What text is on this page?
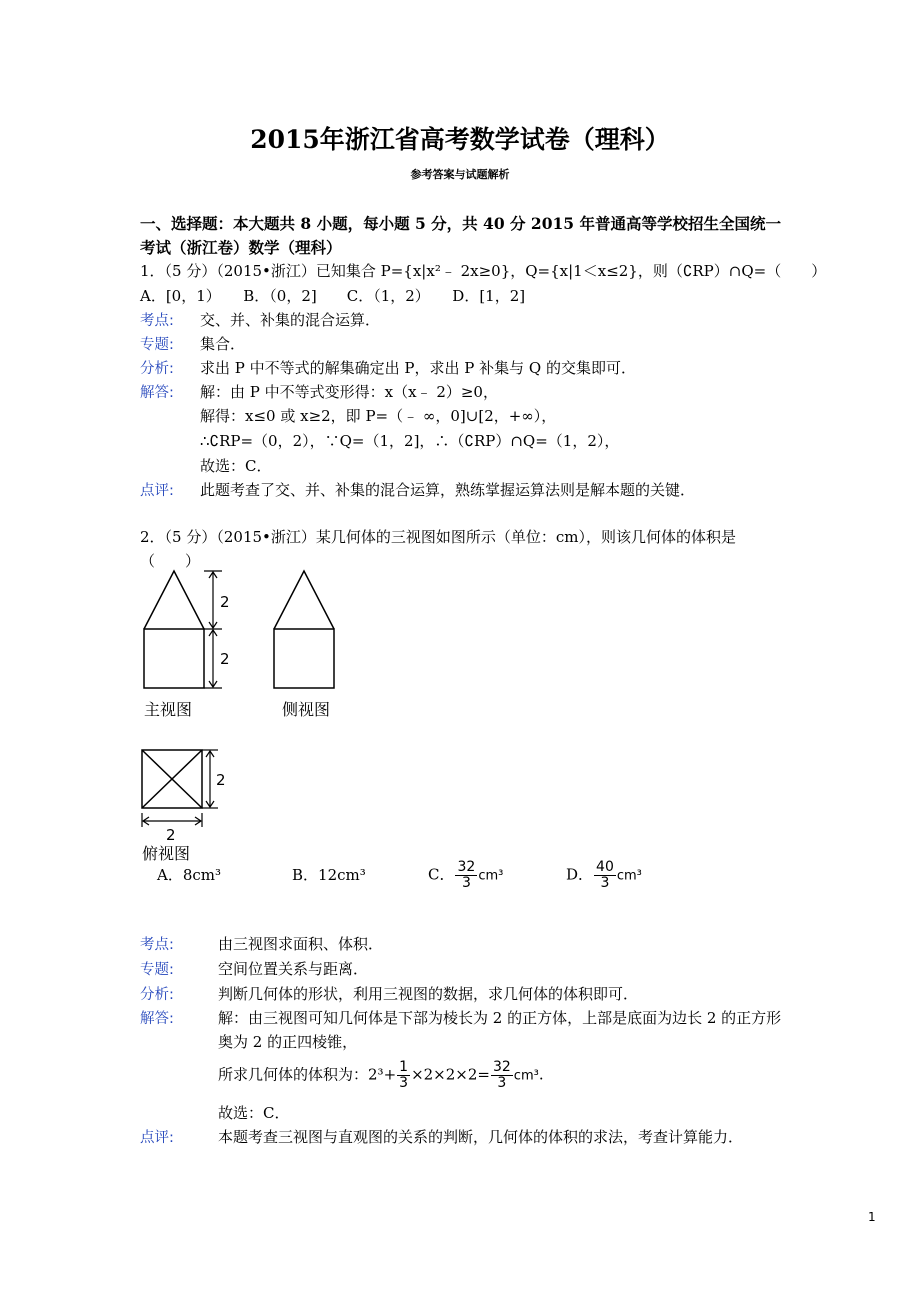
2015年浙江省高考数学试卷（理科）
参考答案与试题解析
一、选择题：本大题共 8 小题，每小题 5 分，共 40 分 2015 年普通高等学校招生全国统一
考试（浙江卷）数学（理科）
1．（5 分）（2015•浙江）已知集合 P={x|x²﹣ 2x≥0}，Q={x|1＜x≤2}，则（∁RP）∩Q=（　　）
A．[0，1）　　B．（0，2]　　C．（1，2）　　D．[1，2]
考点: 交、并、补集的混合运算．
专题: 集合．
分析: 求出 P 中不等式的解集确定出 P，求出 P 补集与 Q 的交集即可．
解答: 解：由 P 中不等式变形得：x（x﹣ 2）≥0，
解得：x≤0 或 x≥2，即 P=（﹣ ∞，0]∪[2，+∞），
∴∁RP=（0，2），∵Q=（1，2]，∴（∁RP）∩Q=（1，2），
故选：C．
点评: 此题考查了交、并、补集的混合运算，熟练掌握运算法则是解本题的关键．
2．（5 分）（2015•浙江）某几何体的三视图如图所示（单位：cm），则该几何体的体积是
（　　）
2
2
主视图	侧视图
2
2
俯视图
A．8cm³	B．12cm³	C． $\frac{32}{3} cm^3$	D． $\frac{40}{3} cm^3$
考点:	由三视图求面积、体积．
专题:	空间位置关系与距离．
分析:	判断几何体的形状，利用三视图的数据，求几何体的体积即可．
解答:	解：由三视图可知几何体是下部为棱长为 2 的正方体，上部是底面为边长 2 的正方形
奥为 2 的正四棱锥，
所求几何体的体积为：$2^3+ \frac{1}{3} \times 2\times 2\times 2= \frac{32}{3} cm^3$.
故选：C．
点评:	本题考查三视图与直观图的关系的判断，几何体的体积的求法，考查计算能力．
1
